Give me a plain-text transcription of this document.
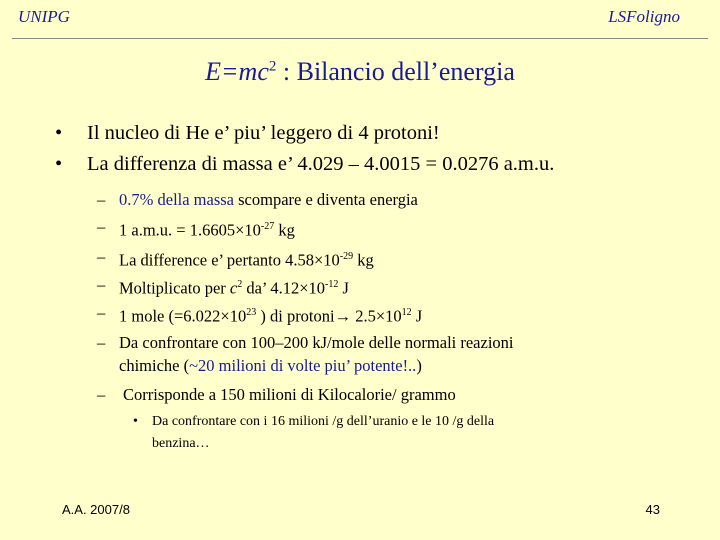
UNIPG	LSFoligno
$E=mc^2$ : Bilancio dell’energia
• Il nucleo di He e’ piu’ leggero di 4 protoni!
• La differenza di massa e’ 4.029 – 4.0015 = 0.0276 a.m.u.
– 0.7% della massa scompare e diventa energia
– 1 a.m.u. = $1.6605\times 10^{-27}$ kg
– La difference e’ pertanto $4.58\times 10^{-29}$ kg
– Moltiplicato per $c^2$ da’ $4.12\times 10^{-12}$ J
– 1 mole ($=6.022\times 10^{23}$ ) di protoni→ $2.5\times 10^{12}$ J
– Da confrontare con 100–200 kJ/mole delle normali reazioni
chimiche (~20 milioni di volte piu’ potente!..)
– Corrisponde a 150 milioni di Kilocalorie/ grammo
• Da confrontare con i 16 milioni /g dell’uranio e le 10 /g della
benzina…
A.A. 2007/8	43
